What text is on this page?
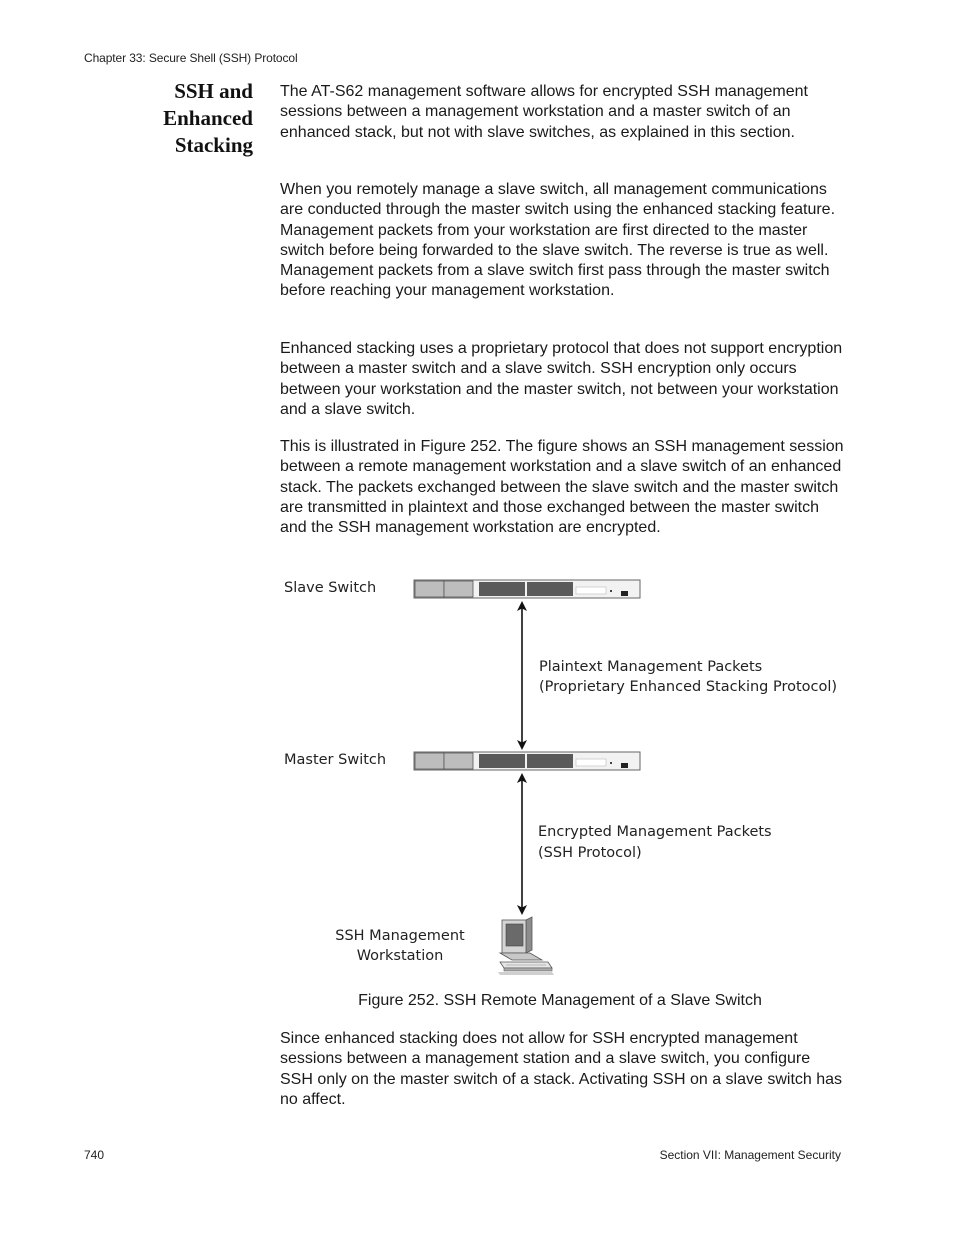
Chapter 33: Secure Shell (SSH) Protocol
SSH and
Enhanced
Stacking

The AT-S62 management software allows for encrypted SSH management sessions between a management workstation and a master switch of an enhanced stack, but not with slave switches, as explained in this section.

When you remotely manage a slave switch, all management communications are conducted through the master switch using the enhanced stacking feature. Management packets from your workstation are first directed to the master switch before being forwarded to the slave switch. The reverse is true as well. Management packets from a slave switch first pass through the master switch before reaching your management workstation.

Enhanced stacking uses a proprietary protocol that does not support encryption between a master switch and a slave switch. SSH encryption only occurs between your workstation and the master switch, not between your workstation and a slave switch.

This is illustrated in Figure 252. The figure shows an SSH management session between a remote management workstation and a slave switch of an enhanced stack. The packets exchanged between the slave switch and the master switch are transmitted in plaintext and those exchanged between the master switch and the SSH management workstation are encrypted.

Slave Switch
Master Switch
Plaintext Management Packets
(Proprietary Enhanced Stacking Protocol)
Encrypted Management Packets
(SSH Protocol)
SSH Management
Workstation
Figure 252. SSH Remote Management of a Slave Switch

Since enhanced stacking does not allow for SSH encrypted management sessions between a management station and a slave switch, you configure SSH only on the master switch of a stack. Activating SSH on a slave switch has no affect.

740	Section VII: Management Security
